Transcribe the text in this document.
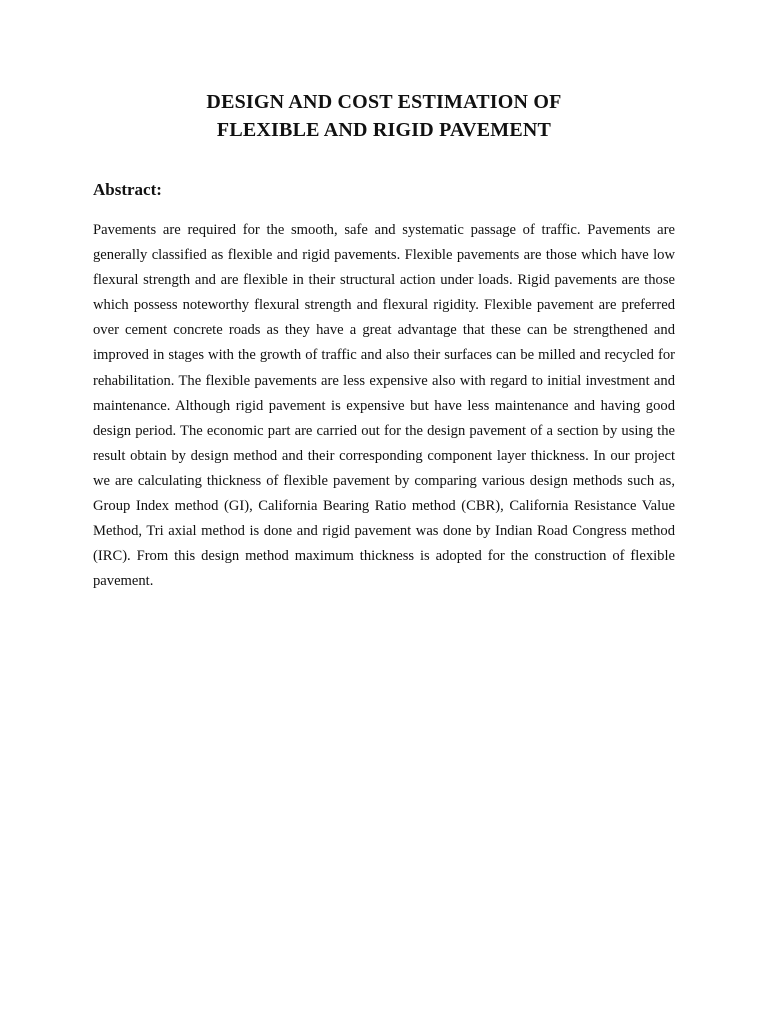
DESIGN AND COST ESTIMATION OF
FLEXIBLE AND RIGID PAVEMENT
Abstract:

Pavements are required for the smooth, safe and systematic passage of traffic. Pavements are generally classified as flexible and rigid pavements. Flexible pavements are those which have low flexural strength and are flexible in their structural action under loads. Rigid pavements are those which possess noteworthy flexural strength and flexural rigidity. Flexible pavement are preferred over cement concrete roads as they have a great advantage that these can be strengthened and improved in stages with the growth of traffic and also their surfaces can be milled and recycled for rehabilitation. The flexible pavements are less expensive also with regard to initial investment and maintenance. Although rigid pavement is expensive but have less maintenance and having good design period. The economic part are carried out for the design pavement of a section by using the result obtain by design method and their corresponding component layer thickness. In our project we are calculating thickness of flexible pavement by comparing various design methods such as, Group Index method (GI), California Bearing Ratio method (CBR), California Resistance Value Method, Tri axial method is done and rigid pavement was done by Indian Road Congress method (IRC). From this design method maximum thickness is adopted for the construction of flexible pavement.
